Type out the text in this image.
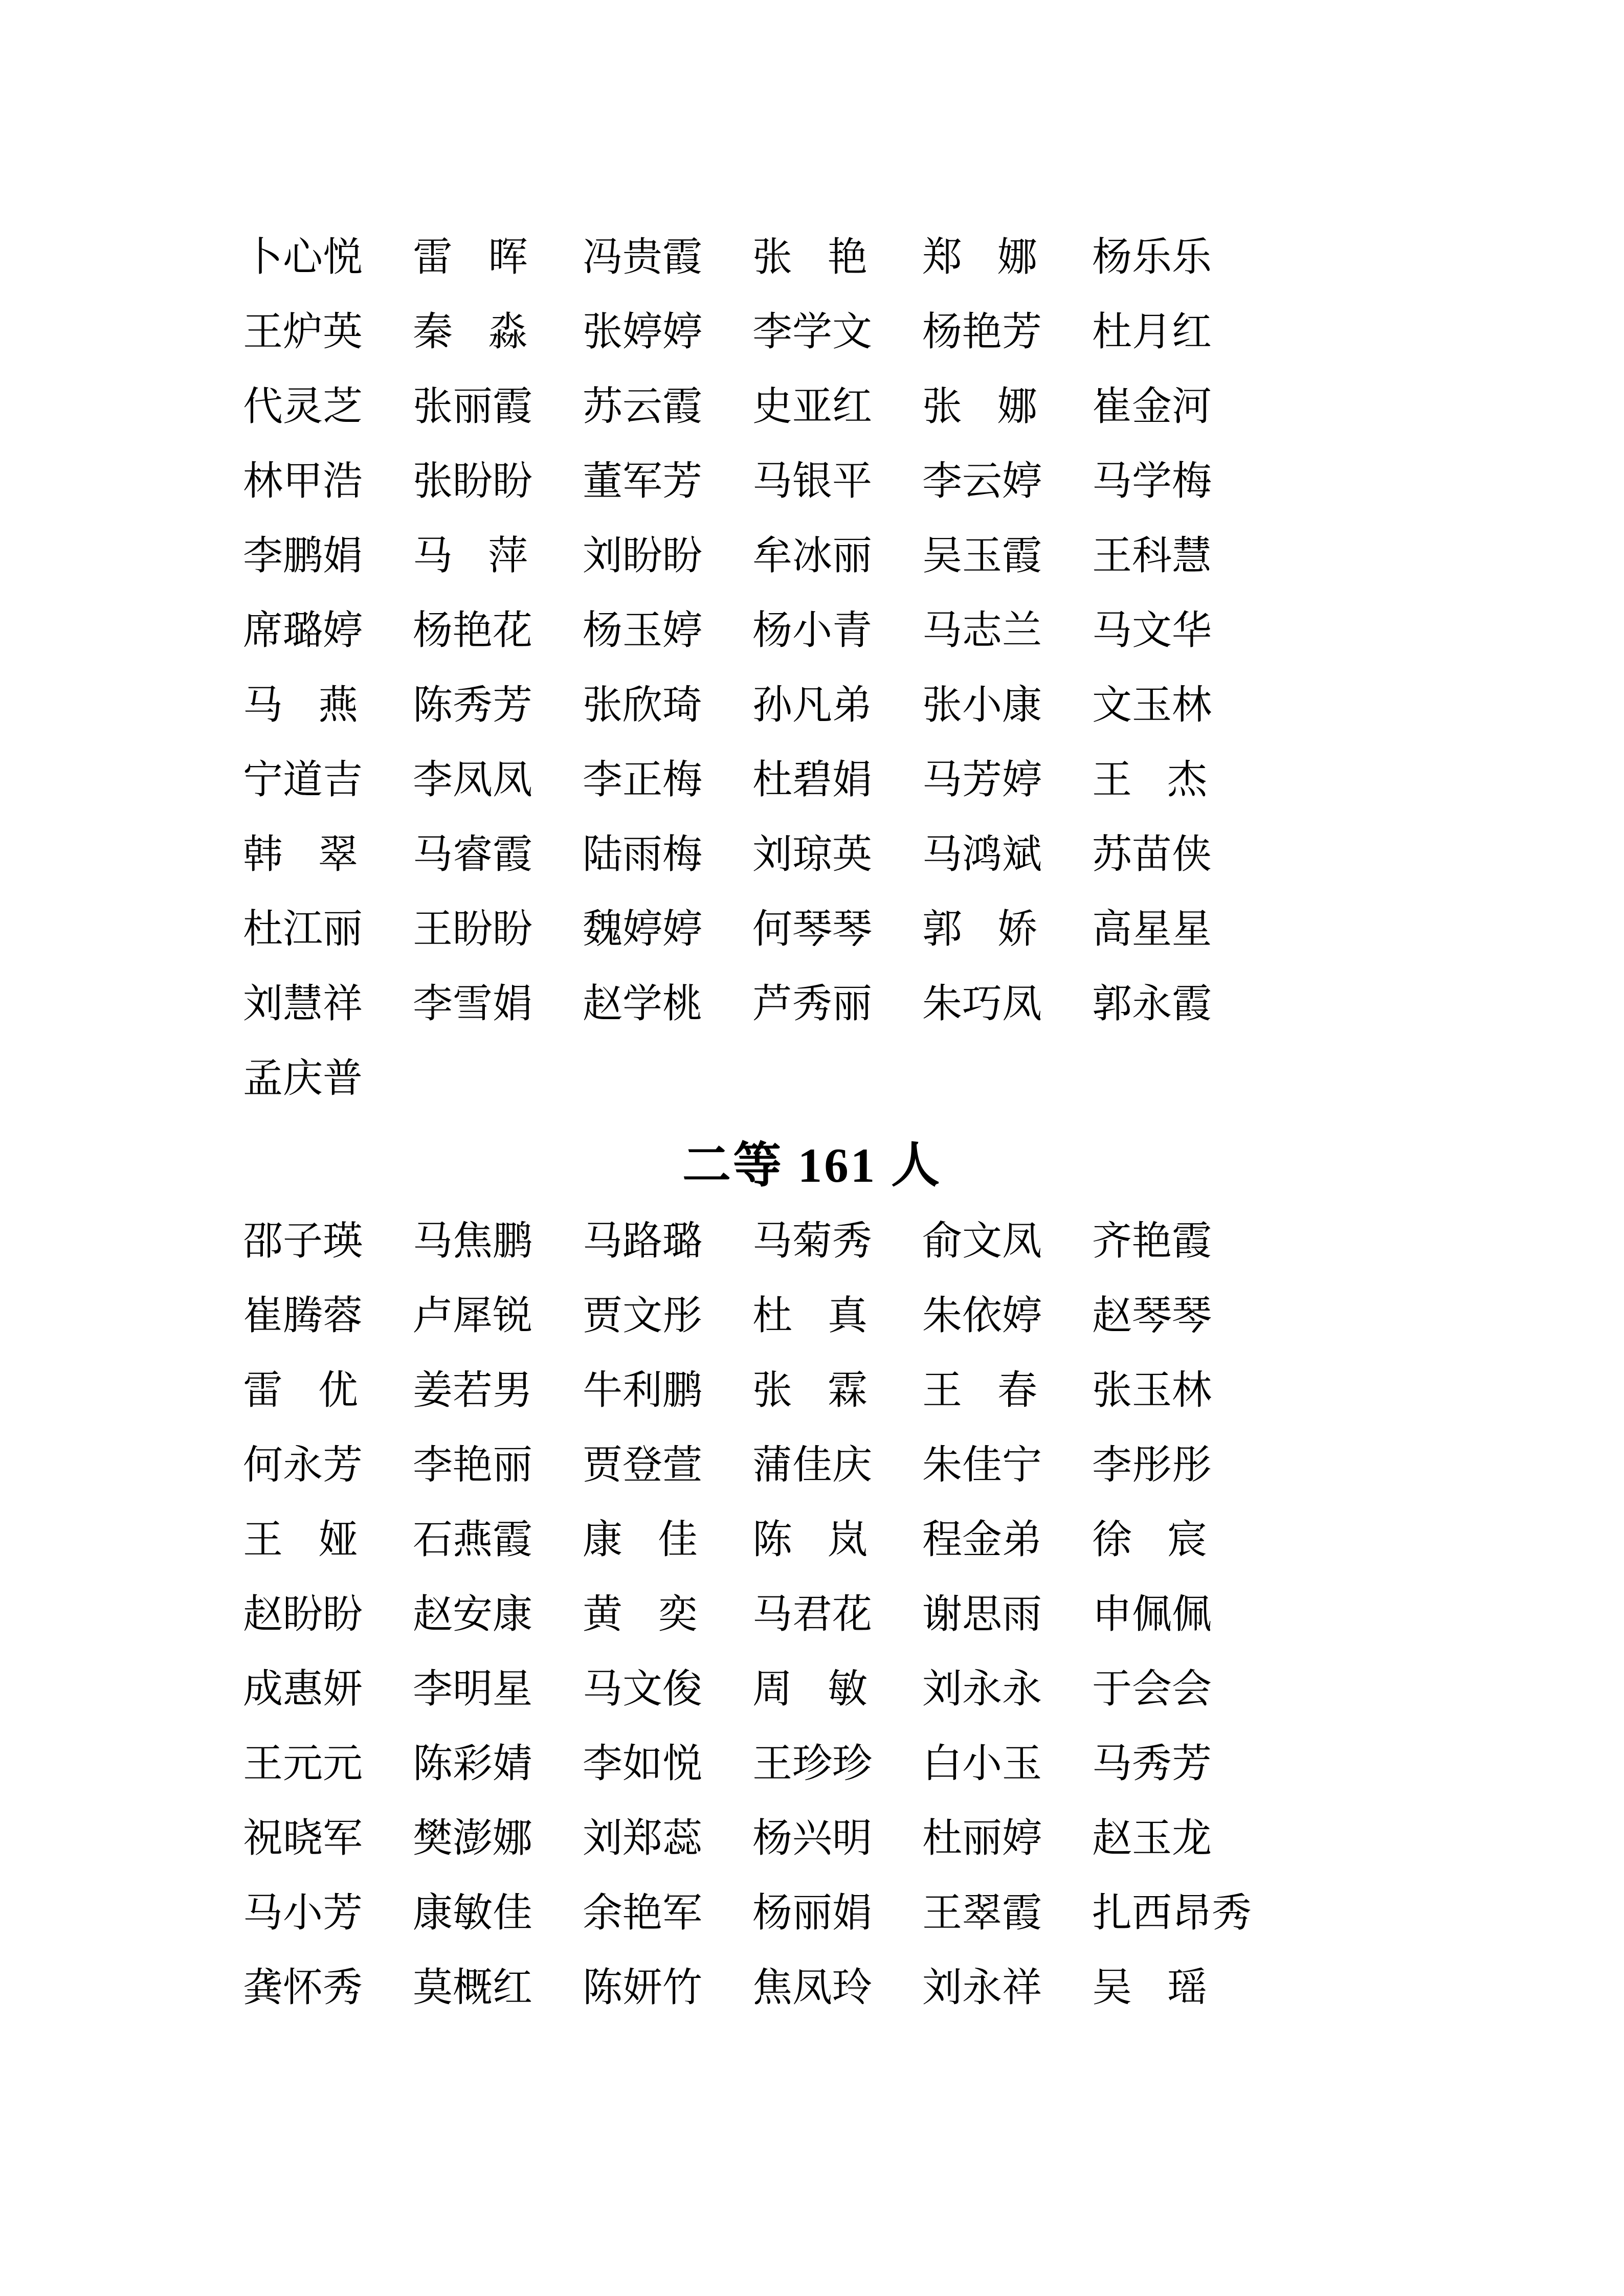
卜心悦 雷 晖 冯贵霞 张 艳 郑 娜 杨乐乐
王炉英 秦 淼 张婷婷 李学文 杨艳芳 杜月红
代灵芝 张丽霞 苏云霞 史亚红 张 娜 崔金河
林甲浩 张盼盼 董军芳 马银平 李云婷 马学梅
李鹏娟 马 萍 刘盼盼 牟冰丽 吴玉霞 王科慧
席璐婷 杨艳花 杨玉婷 杨小青 马志兰 马文华
马 燕 陈秀芳 张欣琦 孙凡弟 张小康 文玉林
宁道吉 李凤凤 李正梅 杜碧娟 马芳婷 王 杰
韩 翠 马睿霞 陆雨梅 刘琼英 马鸿斌 苏苗侠
杜江丽 王盼盼 魏婷婷 何琴琴 郭 娇 高星星
刘慧祥 李雪娟 赵学桃 芦秀丽 朱巧凤 郭永霞
孟庆普
二等 161 人
邵子瑛 马焦鹏 马路璐 马菊秀 俞文凤 齐艳霞
崔腾蓉 卢犀锐 贾文彤 杜 真 朱依婷 赵琴琴
雷 优 姜若男 牛利鹏 张 霖 王 春 张玉林
何永芳 李艳丽 贾登萱 蒲佳庆 朱佳宁 李彤彤
王 娅 石燕霞 康 佳 陈 岚 程金弟 徐 宸
赵盼盼 赵安康 黄 奕 马君花 谢思雨 申佩佩
成惠妍 李明星 马文俊 周 敏 刘永永 于会会
王元元 陈彩婧 李如悦 王珍珍 白小玉 马秀芳
祝晓军 樊澎娜 刘郑蕊 杨兴明 杜丽婷 赵玉龙
马小芳 康敏佳 余艳军 杨丽娟 王翠霞 扎西昂秀
龚怀秀 莫概红 陈妍竹 焦凤玲 刘永祥 吴 瑶
